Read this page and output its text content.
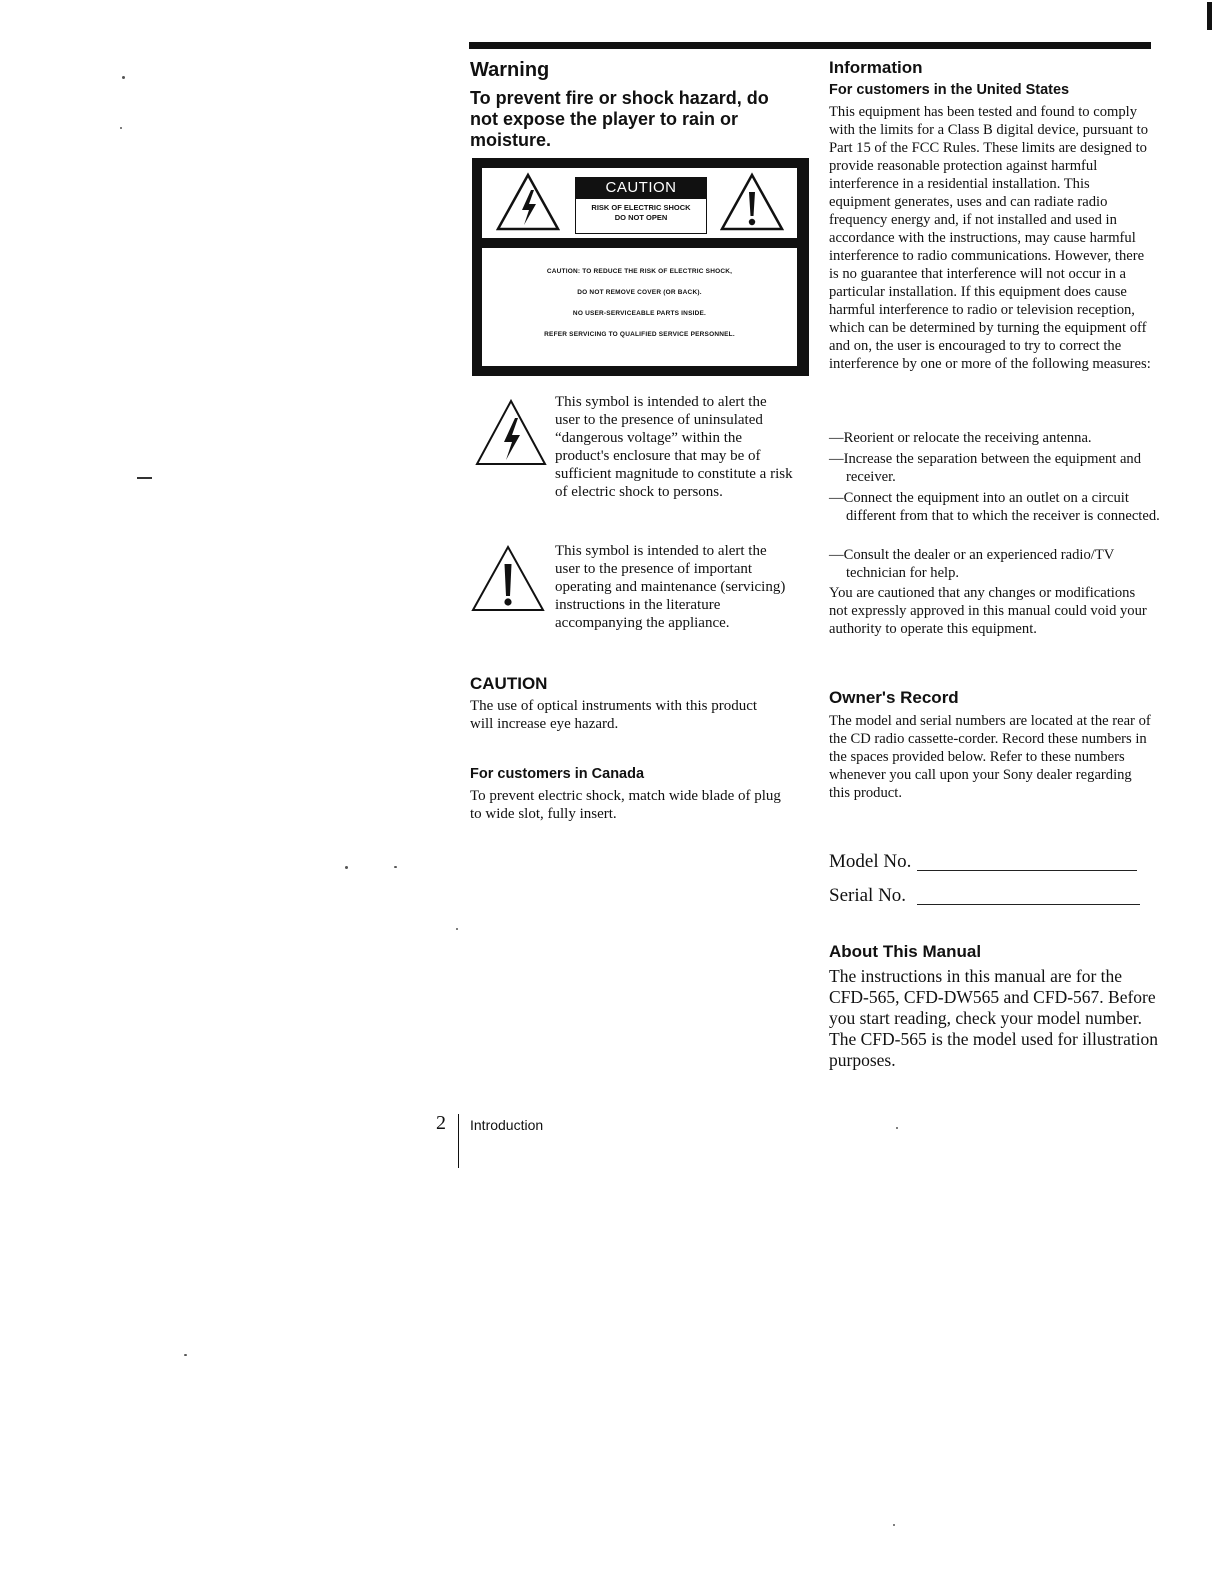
Warning
To prevent fire or shock hazard, do not expose the player to rain or moisture.
CAUTION
RISK OF ELECTRIC SHOCK
DO NOT OPEN
CAUTION: TO REDUCE THE RISK OF ELECTRIC SHOCK,
DO NOT REMOVE COVER (OR BACK).
NO USER-SERVICEABLE PARTS INSIDE.
REFER SERVICING TO QUALIFIED SERVICE PERSONNEL.
This symbol is intended to alert the user to the presence of uninsulated “dangerous voltage” within the product's enclosure that may be of sufficient magnitude to constitute a risk of electric shock to persons.
This symbol is intended to alert the user to the presence of important operating and maintenance (servicing) instructions in the literature accompanying the appliance.
CAUTION
The use of optical instruments with this product will increase eye hazard.
For customers in Canada
To prevent electric shock, match wide blade of plug to wide slot, fully insert.
Information
For customers in the United States
This equipment has been tested and found to comply with the limits for a Class B digital device, pursuant to Part 15 of the FCC Rules. These limits are designed to provide reasonable protection against harmful interference in a residential installation. This equipment generates, uses and can radiate radio frequency energy and, if not installed and used in accordance with the instructions, may cause harmful interference to radio communications. However, there is no guarantee that interference will not occur in a particular installation. If this equipment does cause harmful interference to radio or television reception, which can be determined by turning the equipment off and on, the user is encouraged to try to correct the interference by one or more of the following measures:
—Reorient or relocate the receiving antenna.
—Increase the separation between the equipment and receiver.
—Connect the equipment into an outlet on a circuit different from that to which the receiver is connected.
—Consult the dealer or an experienced radio/TV technician for help.
You are cautioned that any changes or modifications not expressly approved in this manual could void your authority to operate this equipment.
Owner's Record
The model and serial numbers are located at the rear of the CD radio cassette-corder. Record these numbers in the spaces provided below. Refer to these numbers whenever you call upon your Sony dealer regarding this product.
Model No.
Serial No.
About This Manual
The instructions in this manual are for the CFD-565, CFD-DW565 and CFD-567. Before you start reading, check your model number. The CFD-565 is the model used for illustration purposes.
2 Introduction
